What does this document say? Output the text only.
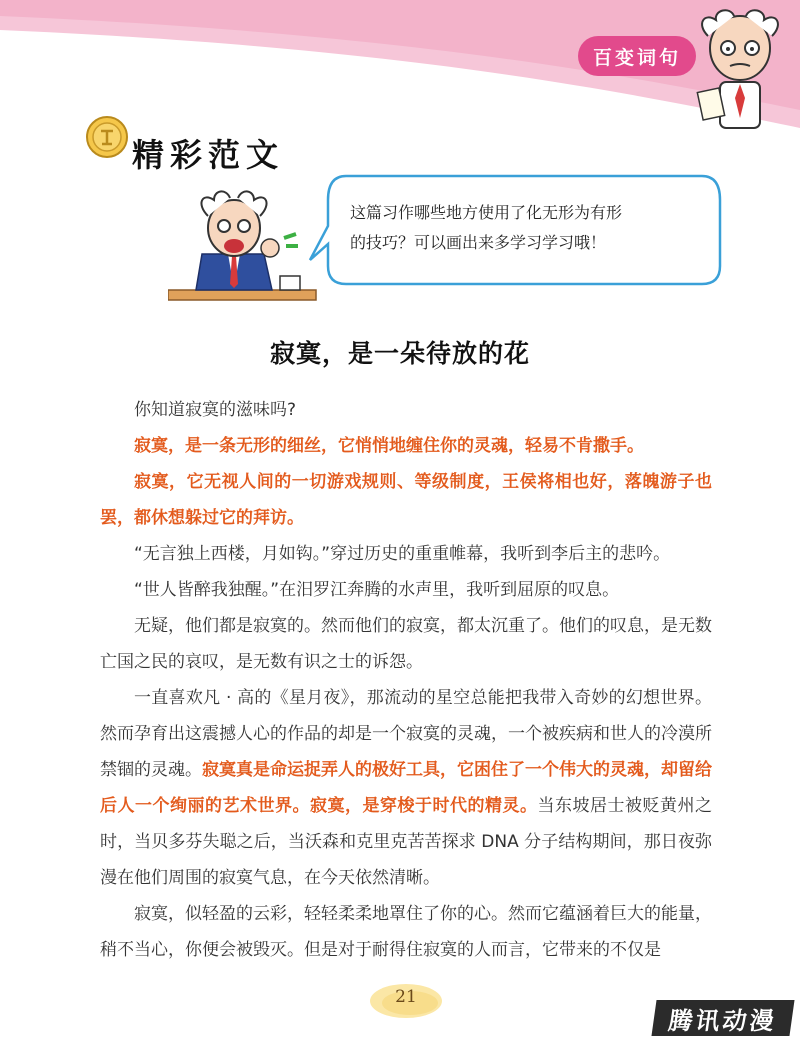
百变词句
精彩范文
这篇习作哪些地方使用了化无形为有形
的技巧？可以画出来多学习学习哦！
寂寞，是一朵待放的花

你知道寂寞的滋味吗?

寂寞，是一条无形的细丝，它悄悄地缠住你的灵魂，轻易不肯撒手。

寂寞，它无视人间的一切游戏规则、等级制度，王侯将相也好，落魄游子也罢，都休想躲过它的拜访。

“无言独上西楼，月如钩。”穿过历史的重重帷幕，我听到李后主的悲吟。

“世人皆醉我独醒。”在汨罗江奔腾的水声里，我听到屈原的叹息。

无疑，他们都是寂寞的。然而他们的寂寞，都太沉重了。他们的叹息，是无数亡国之民的哀叹，是无数有识之士的诉怨。

一直喜欢凡 · 高的《星月夜》，那流动的星空总能把我带入奇妙的幻想世界。然而孕育出这震撼人心的作品的却是一个寂寞的灵魂，一个被疾病和世人的冷漠所禁锢的灵魂。寂寞真是命运捉弄人的极好工具，它困住了一个伟大的灵魂，却留给后人一个绚丽的艺术世界。寂寞，是穿梭于时代的精灵。当东坡居士被贬黄州之时，当贝多芬失聪之后，当沃森和克里克苦苦探求 DNA 分子结构期间，那日夜弥漫在他们周围的寂寞气息，在今天依然清晰。

寂寞，似轻盈的云彩，轻轻柔柔地罩住了你的心。然而它蕴涵着巨大的能量，稍不当心，你便会被毁灭。但是对于耐得住寂寞的人而言，它带来的不仅是

21
腾讯动漫
